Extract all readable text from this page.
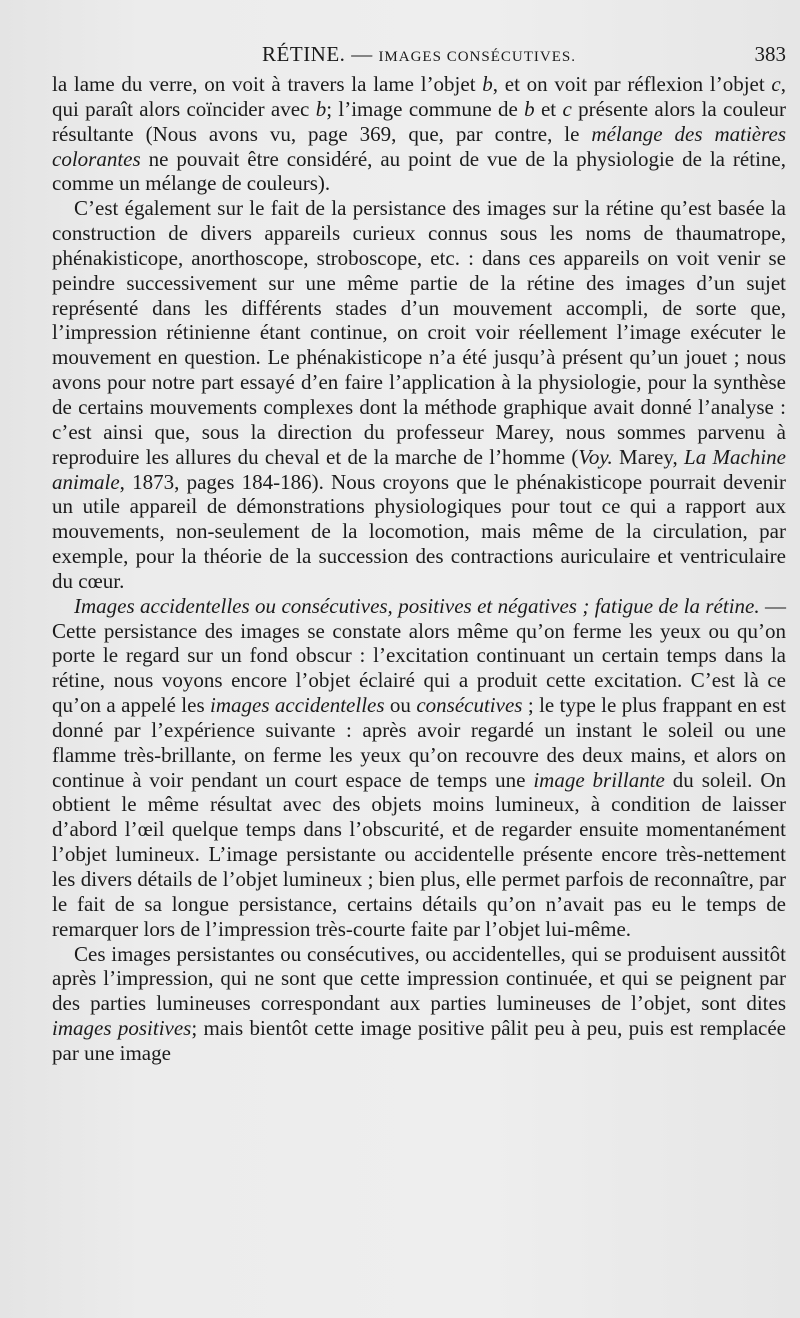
RÉTINE. — IMAGES CONSÉCUTIVES.	383

la lame du verre, on voit à travers la lame l’objet b, et on voit par réflexion l’objet c, qui paraît alors coïncider avec b; l’image commune de b et c présente alors la couleur résultante (Nous avons vu, page 369, que, par contre, le mélange des matières colorantes ne pouvait être considéré, au point de vue de la physiologie de la rétine, comme un mélange de couleurs).

C’est également sur le fait de la persistance des images sur la rétine qu’est basée la construction de divers appareils curieux connus sous les noms de thaumatrope, phénakisticope, anorthoscope, stroboscope, etc. : dans ces appareils on voit venir se peindre successivement sur une même partie de la rétine des images d’un sujet représenté dans les différents stades d’un mouvement accompli, de sorte que, l’impression rétinienne étant continue, on croit voir réellement l’image exécuter le mouvement en question. Le phénakisticope n’a été jusqu’à présent qu’un jouet ; nous avons pour notre part essayé d’en faire l’application à la physiologie, pour la synthèse de certains mouvements complexes dont la méthode graphique avait donné l’analyse : c’est ainsi que, sous la direction du professeur Marey, nous sommes parvenu à reproduire les allures du cheval et de la marche de l’homme (Voy. Marey, La Machine animale, 1873, pages 184-186). Nous croyons que le phénakisticope pourrait devenir un utile appareil de démonstrations physiologiques pour tout ce qui a rapport aux mouvements, non-seulement de la locomotion, mais même de la circulation, par exemple, pour la théorie de la succession des contractions auriculaire et ventriculaire du cœur.

Images accidentelles ou consécutives, positives et négatives ; fatigue de la rétine. — Cette persistance des images se constate alors même qu’on ferme les yeux ou qu’on porte le regard sur un fond obscur : l’excitation continuant un certain temps dans la rétine, nous voyons encore l’objet éclairé qui a produit cette excitation. C’est là ce qu’on a appelé les images accidentelles ou consécutives ; le type le plus frappant en est donné par l’expérience suivante : après avoir regardé un instant le soleil ou une flamme très-brillante, on ferme les yeux qu’on recouvre des deux mains, et alors on continue à voir pendant un court espace de temps une image brillante du soleil. On obtient le même résultat avec des objets moins lumineux, à condition de laisser d’abord l’œil quelque temps dans l’obscurité, et de regarder ensuite momentanément l’objet lumineux. L’image persistante ou accidentelle présente encore très-nettement les divers détails de l’objet lumineux ; bien plus, elle permet parfois de reconnaître, par le fait de sa longue persistance, certains détails qu’on n’avait pas eu le temps de remarquer lors de l’impression très-courte faite par l’objet lui-même.

Ces images persistantes ou consécutives, ou accidentelles, qui se produisent aussitôt après l’impression, qui ne sont que cette impression continuée, et qui se peignent par des parties lumineuses correspondant aux parties lumineuses de l’objet, sont dites images positives; mais bientôt cette image positive pâlit peu à peu, puis est remplacée par une image
